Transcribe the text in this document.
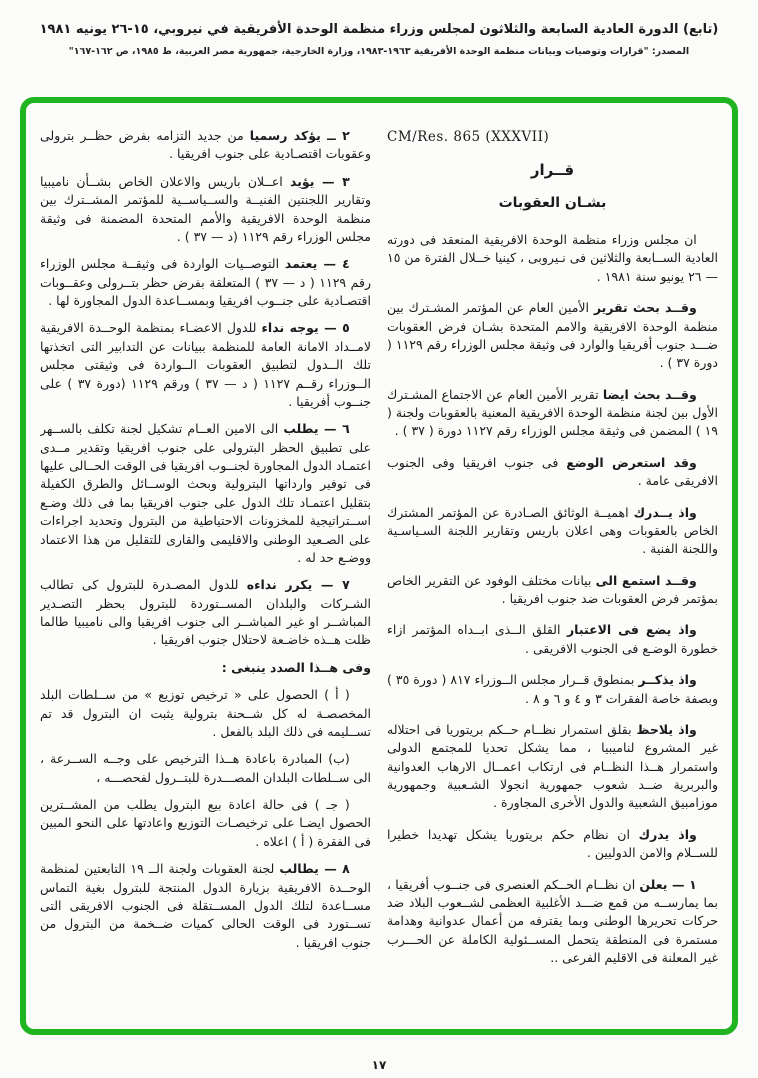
(تابع) الدورة العادية السابعة والثلاثون لمجلس وزراء منظمة الوحدة الأفريقية في نيروبي، ١٥-٢٦ يونيه ١٩٨١
المصدر: "قرارات وتوصيات وبيانات منظمة الوحدة الأفريقية ١٩٦٣-١٩٨٣، وزارة الخارجية، جمهورية مصر العربية، ط ١٩٨٥، ص ١٦٢-١٦٧"
CM/Res. 865 (XXXVII)
قــرار
بشـان العقوبات

ان مجلس وزراء منظمة الوحدة الافريقية المنعقد فى دورته العادية الســابعة والثلاثين فى نـيروبى ، كينيا خــلال الفترة من ١٥ — ٢٦ يونيو سنة ١٩٨١ .

وقــد بحث تقرير الأمين العام عن المؤتمر المشـترك بين منظمة الوحدة الافريقية والامم المتحدة بشـان فرض العقوبات ضـــد جنوب أفريقيا والوارد فى وثيقة مجلس الوزراء رقم ١١٢٩ ( دورة ٣٧ ) .

وقــد بحث ايضا تقرير الأمين العام عن الاجتماع المشـترك الأول بين لجنة منظمة الوحدة الافريقية المعنية بالعقوبات ولجنة ( ١٩ ) المضمن فى وثيقة مجلس الوزراء رقم ١١٢٧ دورة ( ٣٧ ) .

وقد استعرض الوضع فى جنوب افريقيا وفى الجنوب الافريقى عامة .

واذ يــدرك اهميــة الوثائق الصـادرة عن المؤتمر المشترك الخاص بالعقوبات وهى اعلان باريس وتقارير اللجنة السـياسـية واللجنة الفنية .

وقــد استمع الى بيانات مختلف الوفود عن التقرير الخاص بمؤتمر فرض العقوبات ضد جنوب افريقيا .

واذ يضع فى الاعتبار القلق الــذى ابــداه المؤتمر ازاء خطورة الوضـع فى الجنوب الافريقى .

واذ يذكــر بمنطوق قــرار مجلس الــوزراء ٨١٧ ( دورة ٣٥ ) وبصفة خاصة الفقرات ٣ و ٤ و ٦ و ٨ .

واذ يلاحظ بقلق استمرار نظــام حــكم بريتوريا فى احتلاله غير المشروع لناميبيا ، مما يشكل تحديا للمجتمع الدولى واستمرار هــذا النظــام فى ارتكاب اعمــال الارهاب العدوانية والبربرية ضــد شعوب جمهورية انجولا الشـعبية وجمهورية موزامبيق الشعبية والدول الأخرى المجاورة .

واذ يدرك ان نظام حكم بريتوريا يشكل تهديدا خطيرا للســلام والامن الدوليين .

١ — يعلن ان نظــام الحــكم العنصرى فى جنــوب أفريقيا ، بما يمارســه من قمع ضـــد الأغلبية العظمى لشــعوب البلاد ضد حركات تحريرها الوطنى وبما يقترفه من أعمال عدوانية وهدامة مستمرة فى المنطقة يتحمل المســئولية الكاملة عن الحـــرب غير المعلنة فى الاقليم الفرعى ..

٢ ــ يؤكد رسميا من جديد التزامه بفرض حظــر بترولى وعقوبات اقتصـادية على جنوب افريقيا .

٣ — يؤيد اعــلان باريس والاعلان الخاص بشــأن ناميبيا وتقارير اللجنتين الفنيــة والســياســية للمؤتمر المشــترك بين منظمة الوحدة الافريقية والأمم المتحدة المضمنة فى وثيقة مجلس الوزراء رقم ١١٢٩ (د — ٣٧ ) .

٤ — يعتمد التوصــيات الواردة فى وثيقــة مجلس الوزراء رقم ١١٢٩ ( د — ٣٧ ) المتعلقة بفرض حظر بتــرولى وعقــوبات اقتصـادية على جنــوب افريقيا وبمســاعدة الدول المجاورة لها .

٥ — يوجه نداء للدول الاعضـاء بمنظمة الوحــدة الافريقية لامــداد الامانة العامة للمنظمة ببيانات عن التدابير التى اتخذتها تلك الــدول لتطبيق العقوبات الــواردة فى وثيقتى مجلس الــوزراء رقــم ١١٢٧ ( د — ٣٧ ) ورقم ١١٢٩ (دورة ٣٧ ) على جنــوب أفريقيا .

٦ — يطلب الى الامين العــام تشكيل لجنة تكلف بالســهر على تطبيق الحظر البترولى على جنوب افريقيا وتقدير مــدى اعتمـاد الدول المجاورة لجنــوب افريقيا فى الوقت الحــالى عليها فى توفير وارداتها البترولية وبحث الوســائل والطرق الكفيلة بتقليل اعتمـاد تلك الدول على جنوب افريقيا بما فى ذلك وضـع اســتراتيجية للمخزونات الاحتياطية من البترول وتحديد اجراءات على الصـعيد الوطنى والاقليمى والقارى للتقليل من هذا الاعتماد ووضـع حد له .

٧ — يكرر نداءه للدول المصـدرة للبترول كى تطالب الشـركات والبلدان المســتوردة للبترول بحظر التصـدير المباشــر او غير المباشــر الى جنوب افريقيا والى ناميبيا طالما ظلت هــذه خاضـعة لاحتلال جنوب افريقيا .

وفى هــذا الصدد ينبغى :

( أ ) الحصول على « ترخيص توزيع » من ســلطات البلد المخصصـة له كل شــحنة بترولية يثبت ان البترول قد تم تســليمه فى ذلك البلد بالفعل .

(ب) المبادرة باعادة هــذا الترخيص على وجــه الســرعة ، الى ســلطات البلدان المصـــدرة للبتــرول لفحصـــه ،

( جـ ) فى حالة اعادة بيع البترول يطلب من المشــترين الحصول ايضـا على ترخيصـات التوزيع واعادتها على النحو المبين فى الفقرة ( أ ) اعلاه .

٨ — يطالب لجنة العقوبات ولجنة الــ ١٩ التابعتين لمنظمة الوحــدة الافريقية بزيارة الدول المنتجة للبترول بغية التماس مســاعدة لتلك الدول المســتقلة فى الجنوب الافريقى التى تســتورد فى الوقت الحالى كميات ضــخمة من البترول من جنوب افريقيا .

١٧
